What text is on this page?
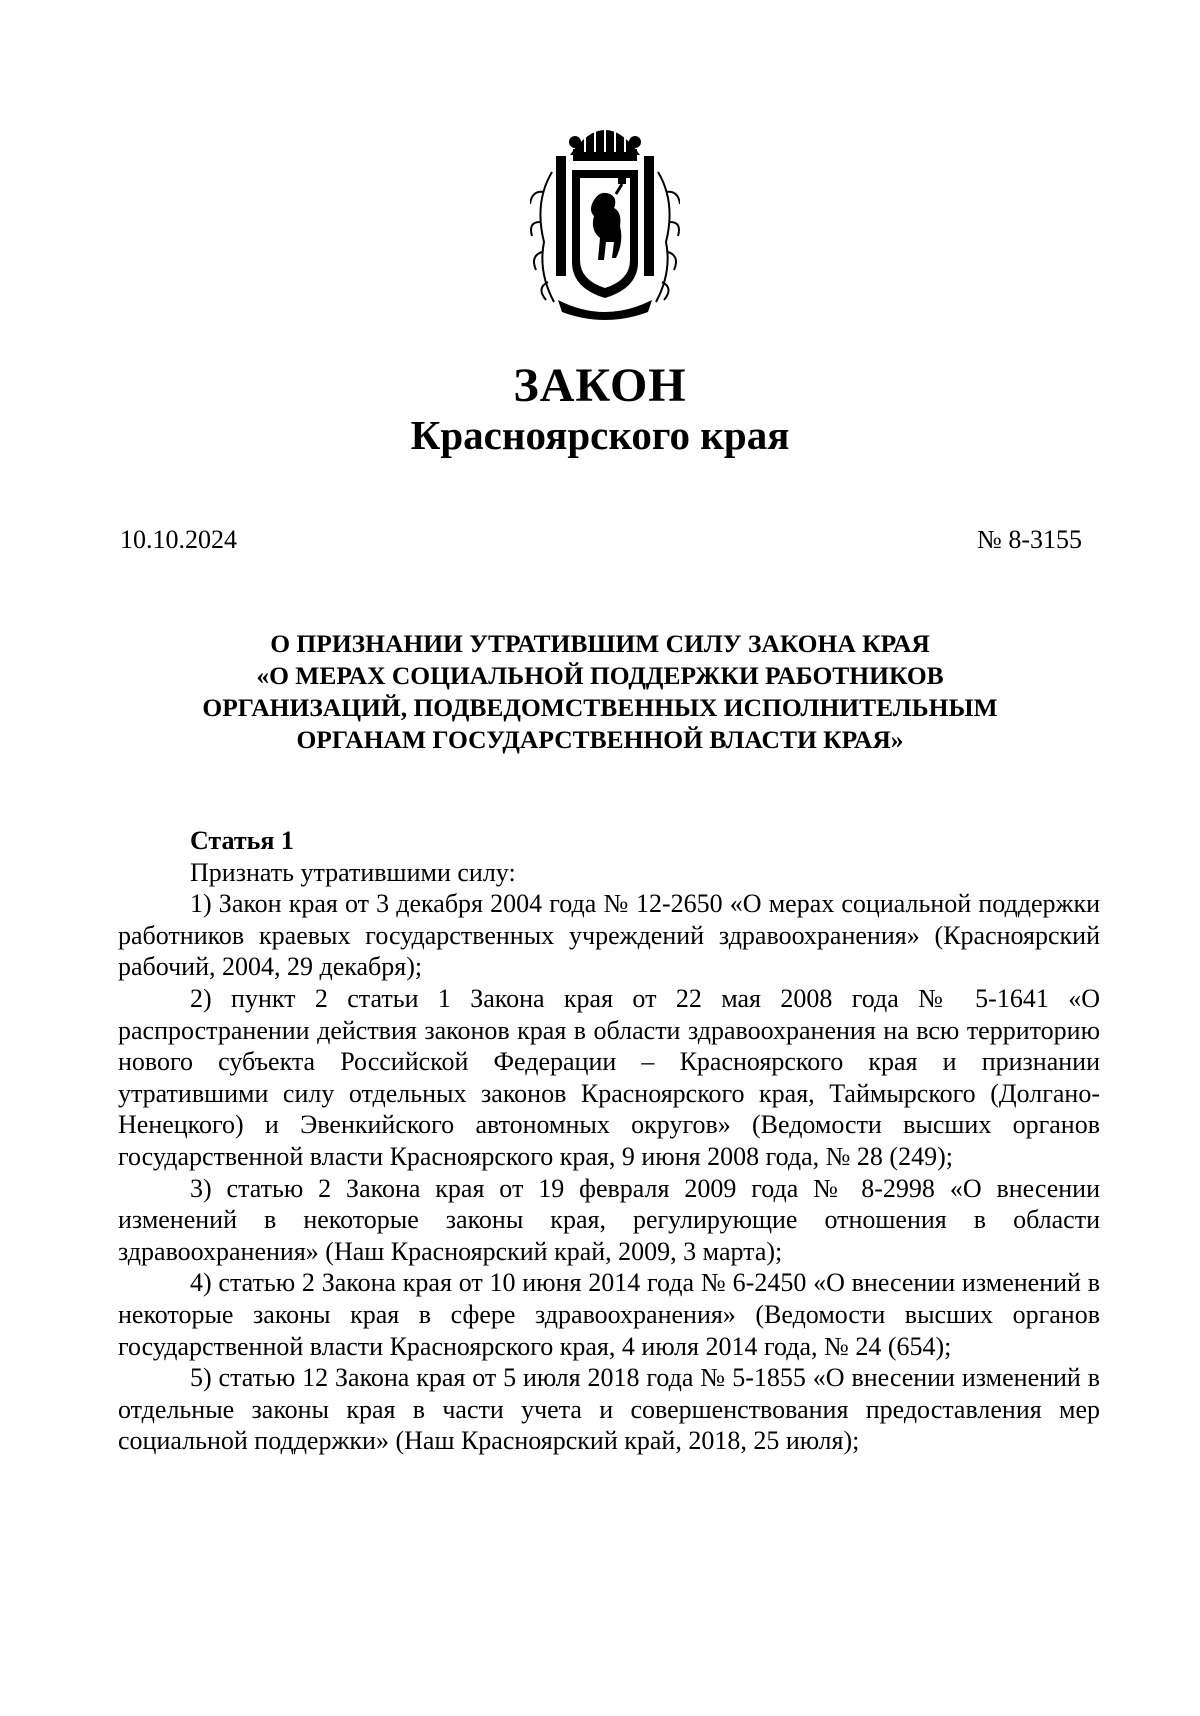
ЗАКОН
Красноярского края
10.10.2024	№ 8-3155
О ПРИЗНАНИИ УТРАТИВШИМ СИЛУ ЗАКОНА КРАЯ
«О МЕРАХ СОЦИАЛЬНОЙ ПОДДЕРЖКИ РАБОТНИКОВ
ОРГАНИЗАЦИЙ, ПОДВЕДОМСТВЕННЫХ ИСПОЛНИТЕЛЬНЫМ
ОРГАНАМ ГОСУДАРСТВЕННОЙ ВЛАСТИ КРАЯ»
Статья 1
Признать утратившими силу:
1) Закон края от 3 декабря 2004 года № 12-2650 «О мерах социальной поддержки работников краевых государственных учреждений здравоохранения» (Красноярский рабочий, 2004, 29 декабря);
2) пункт 2 статьи 1 Закона края от 22 мая 2008 года № 5-1641 «О распространении действия законов края в области здравоохранения на всю территорию нового субъекта Российской Федерации – Красноярского края и признании утратившими силу отдельных законов Красноярского края, Таймырского (Долгано-Ненецкого) и Эвенкийского автономных округов» (Ведомости высших органов государственной власти Красноярского края, 9 июня 2008 года, № 28 (249);
3) статью 2 Закона края от 19 февраля 2009 года № 8-2998 «О внесении изменений в некоторые законы края, регулирующие отношения в области здравоохранения» (Наш Красноярский край, 2009, 3 марта);
4) статью 2 Закона края от 10 июня 2014 года № 6-2450 «О внесении изменений в некоторые законы края в сфере здравоохранения» (Ведомости высших органов государственной власти Красноярского края, 4 июля 2014 года, № 24 (654);
5) статью 12 Закона края от 5 июля 2018 года № 5-1855 «О внесении изменений в отдельные законы края в части учета и совершенствования предоставления мер социальной поддержки» (Наш Красноярский край, 2018, 25 июля);
